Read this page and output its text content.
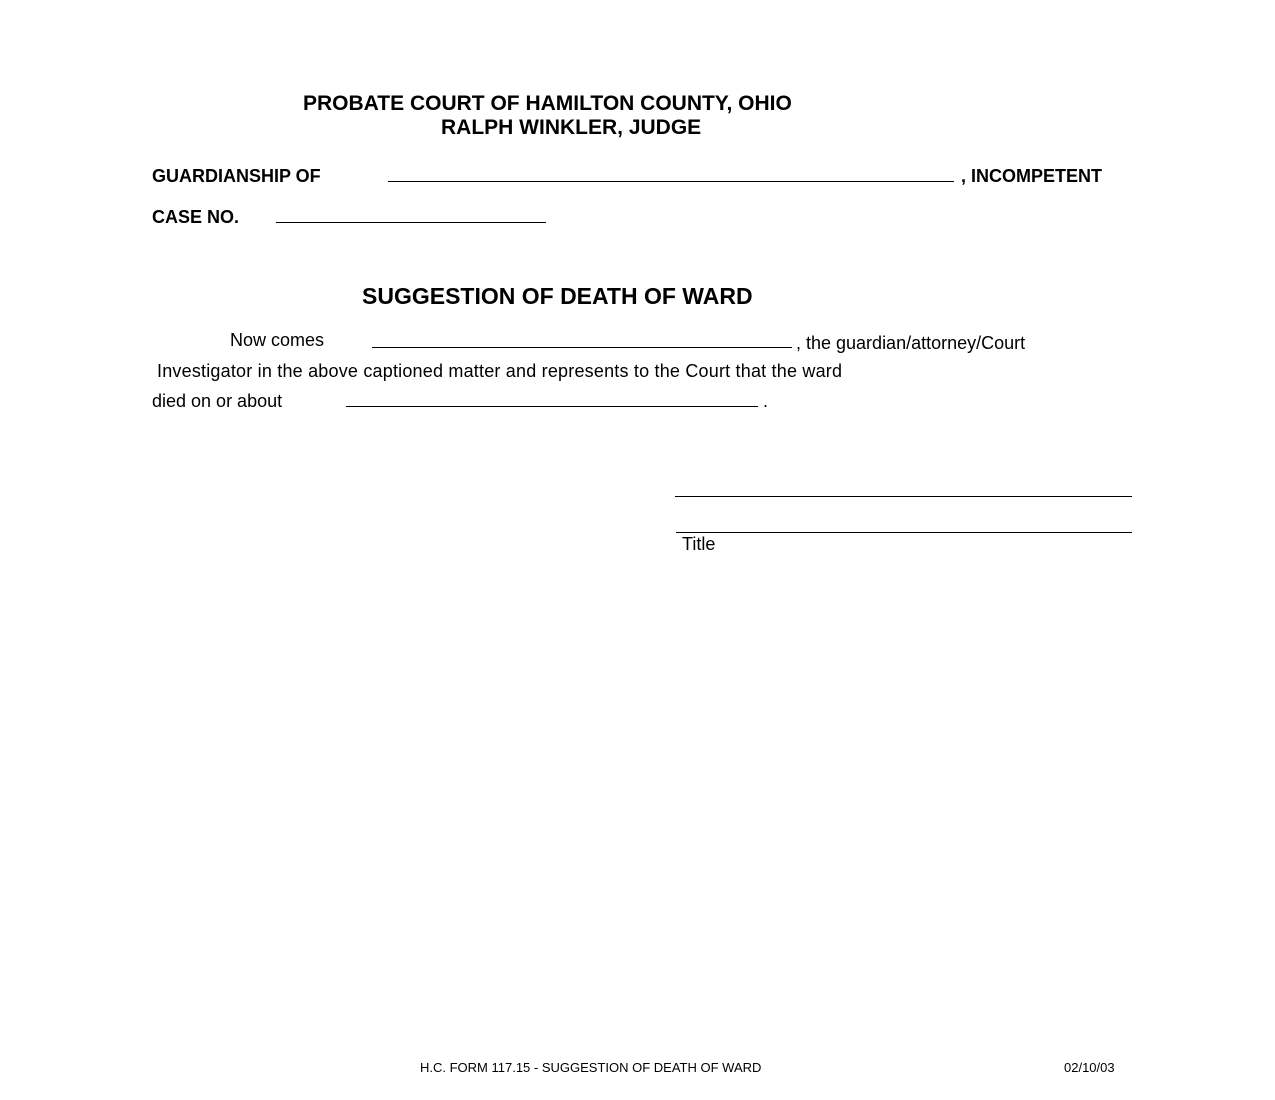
PROBATE COURT OF HAMILTON COUNTY, OHIO
RALPH WINKLER, JUDGE
GUARDIANSHIP OF	, INCOMPETENT
CASE NO.
SUGGESTION OF DEATH OF WARD
Now comes	, the guardian/attorney/Court
Investigator in the above captioned matter and represents to the Court that the ward
died on or about	.
Title
H.C. FORM 117.15 - SUGGESTION OF DEATH OF WARD	02/10/03
